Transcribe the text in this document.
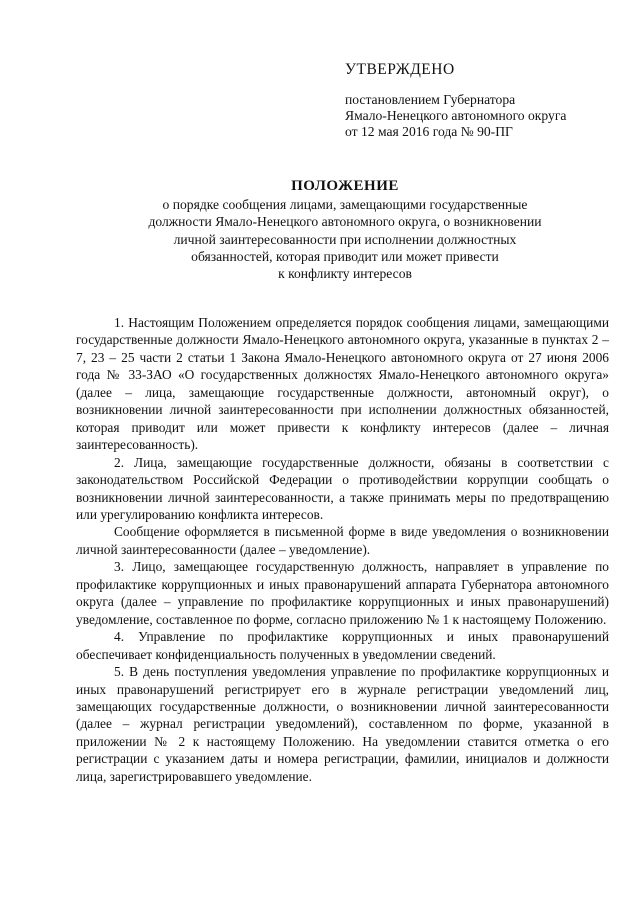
УТВЕРЖДЕНО
постановлением Губернатора
Ямало-Ненецкого автономного округа
от 12 мая 2016 года № 90-ПГ
ПОЛОЖЕНИЕ
о порядке сообщения лицами, замещающими государственные
должности Ямало-Ненецкого автономного округа, о возникновении
личной заинтересованности при исполнении должностных
обязанностей, которая приводит или может привести
к конфликту интересов

1. Настоящим Положением определяется порядок сообщения лицами, замещающими государственные должности Ямало-Ненецкого автономного округа, указанные в пунктах 2 – 7, 23 – 25 части 2 статьи 1 Закона Ямало-Ненецкого автономного округа от 27 июня 2006 года № 33-ЗАО «О государственных должностях Ямало-Ненецкого автономного округа» (далее – лица, замещающие государственные должности, автономный округ), о возникновении личной заинтересованности при исполнении должностных обязанностей, которая приводит или может привести к конфликту интересов (далее – личная заинтересованность).

2. Лица, замещающие государственные должности, обязаны в соответствии с законодательством Российской Федерации о противодействии коррупции сообщать о возникновении личной заинтересованности, а также принимать меры по предотвращению или урегулированию конфликта интересов.

Сообщение оформляется в письменной форме в виде уведомления о возникновении личной заинтересованности (далее – уведомление).

3. Лицо, замещающее государственную должность, направляет в управление по профилактике коррупционных и иных правонарушений аппарата Губернатора автономного округа (далее – управление по профилактике коррупционных и иных правонарушений) уведомление, составленное по форме, согласно приложению № 1 к настоящему Положению.

4. Управление по профилактике коррупционных и иных правонарушений обеспечивает конфиденциальность полученных в уведомлении сведений.

5. В день поступления уведомления управление по профилактике коррупционных и иных правонарушений регистрирует его в журнале регистрации уведомлений лиц, замещающих государственные должности, о возникновении личной заинтересованности (далее – журнал регистрации уведомлений), составленном по форме, указанной в приложении № 2 к настоящему Положению. На уведомлении ставится отметка о его регистрации с указанием даты и номера регистрации, фамилии, инициалов и должности лица, зарегистрировавшего уведомление.
